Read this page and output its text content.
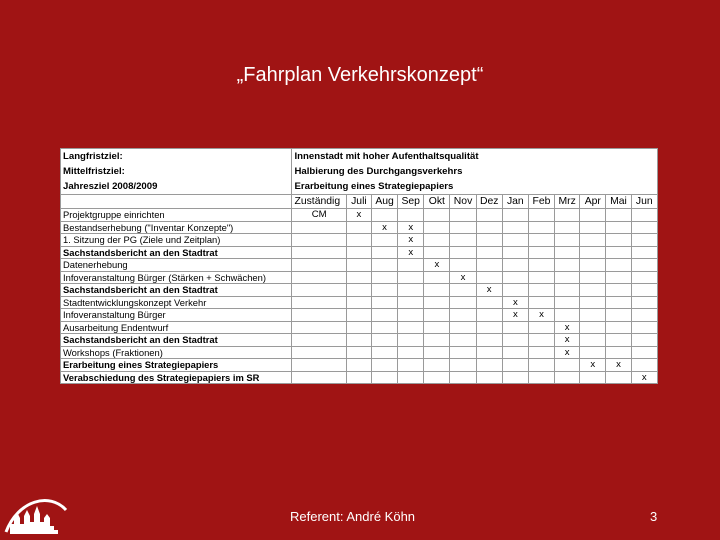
„Fahrplan Verkehrskonzept“
Langfristziel:	Innenstadt mit hoher Aufenthaltsqualität												
Mittelfristziel:	Halbierung des Durchgangsverkehrs												
Jahresziel 2008/2009	Erarbeitung eines Strategiepapiers												
	Zuständig	Juli	Aug	Sep	Okt	Nov	Dez	Jan	Feb	Mrz	Apr	Mai	Jun
Projektgruppe einrichten	CM	x											
Bestandserhebung ("Inventar Konzepte")			x	x									
1. Sitzung der PG (Ziele und Zeitplan)				x									
Sachstandsbericht an den Stadtrat				x									
Datenerhebung					x								
Infoveranstaltung Bürger (Stärken + Schwächen)						x							
Sachstandsbericht an den Stadtrat							x						
Stadtentwicklungskonzept Verkehr								x					
Infoveranstaltung Bürger								x	x				
Ausarbeitung Endentwurf										x			
Sachstandsbericht an den Stadtrat										x			
Workshops (Fraktionen)										x			
Erarbeitung eines Strategiepapiers											x	x	
Verabschiedung des Strategiepapiers im SR													x
Referent: André Köhn	3
